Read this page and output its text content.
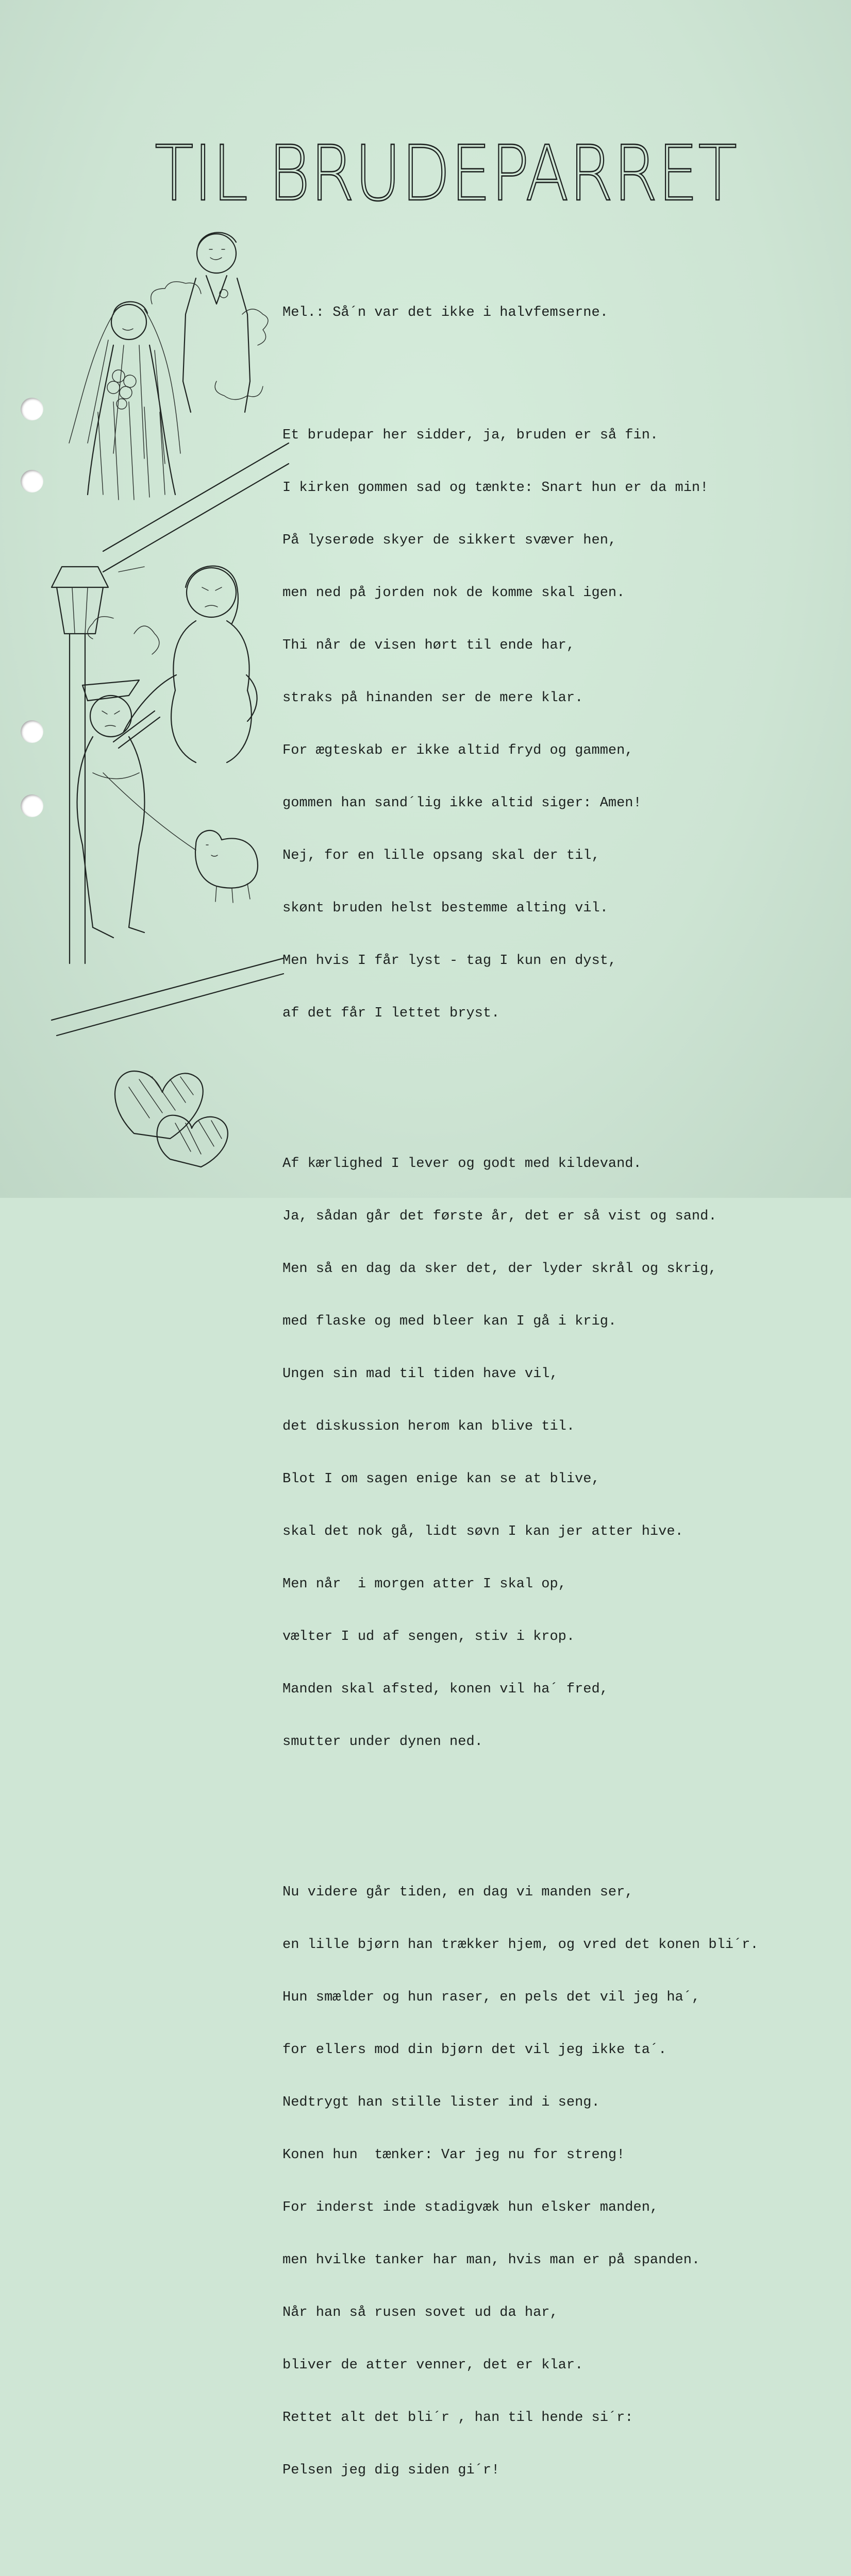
TIL BRUDEPARRET

Mel.: Så´n var det ikke i halvfemserne.

Et brudepar her sidder, ja, bruden er så fin.

I kirken gommen sad og tænkte: Snart hun er da min!

På lyserøde skyer de sikkert svæver hen,

men ned på jorden nok de komme skal igen.

Thi når de visen hørt til ende har,

straks på hinanden ser de mere klar.

For ægteskab er ikke altid fryd og gammen,

gommen han sand´lig ikke altid siger: Amen!

Nej, for en lille opsang skal der til,

skønt bruden helst bestemme alting vil.

Men hvis I får lyst - tag I kun en dyst,

af det får I lettet bryst.

Af kærlighed I lever og godt med kildevand.

Ja, sådan går det første år, det er så vist og sand.

Men så en dag da sker det, der lyder skrål og skrig,

med flaske og med bleer kan I gå i krig.

Ungen sin mad til tiden have vil,

det diskussion herom kan blive til.

Blot I om sagen enige kan se at blive,

skal det nok gå, lidt søvn I kan jer atter hive.

Men når  i morgen atter I skal op,

vælter I ud af sengen, stiv i krop.

Manden skal afsted, konen vil ha´ fred,

smutter under dynen ned.

Nu videre går tiden, en dag vi manden ser,

en lille bjørn han trækker hjem, og vred det konen bli´r.

Hun smælder og hun raser, en pels det vil jeg ha´,

for ellers mod din bjørn det vil jeg ikke ta´.

Nedtrygt han stille lister ind i seng.

Konen hun  tænker: Var jeg nu for streng!

For inderst inde stadigvæk hun elsker manden,

men hvilke tanker har man, hvis man er på spanden.

Når han så rusen sovet ud da har,

bliver de atter venner, det er klar.

Rettet alt det bli´r , han til hende si´r:

Pelsen jeg dig siden gi´r!
